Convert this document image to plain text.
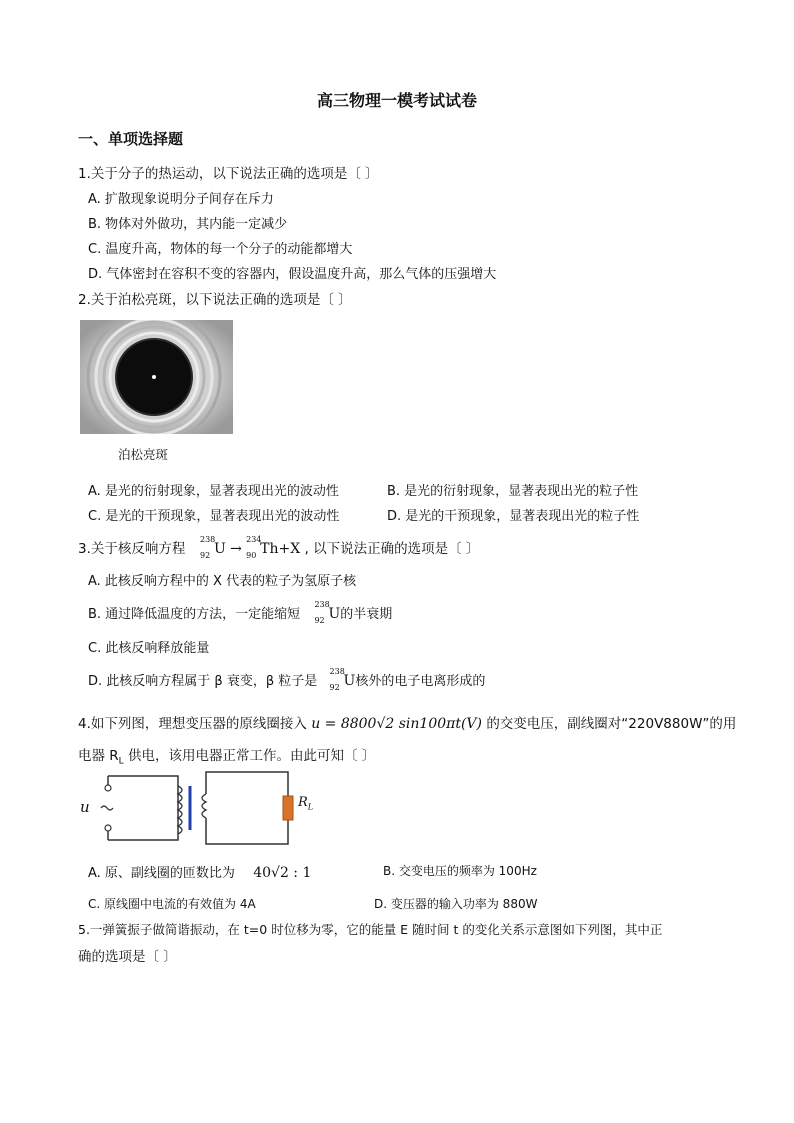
高三物理一模考试试卷
一、单项选择题
1.关于分子的热运动，以下说法正确的选项是〔 〕
A. 扩散现象说明分子间存在斥力
B. 物体对外做功，其内能一定减少
C. 温度升高，物体的每一个分子的动能都增大
D. 气体密封在容积不变的容器内，假设温度升高，那么气体的压强增大
2.关于泊松亮斑，以下说法正确的选项是〔 〕
泊松亮斑
A. 是光的衍射现象，显著表现出光的波动性	B. 是光的衍射现象，显著表现出光的粒子性
C. 是光的干预现象，显著表现出光的波动性	D. 是光的干预现象，显著表现出光的粒子性
3.关于核反响方程
238
92 U →
234
90 Th+X , 以下说法正确的选项是〔 〕
A. 此核反响方程中的 X 代表的粒子为氢原子核
B. 通过降低温度的方法，一定能缩短
238
92 U的半衰期
C. 此核反响释放能量
D. 此核反响方程属于 β 衰变，β 粒子是
238
92 U核外的电子电离形成的
4.如下列图，理想变压器的原线圈接入 u = 8800√2 sin100πt(V) 的交变电压，副线圈对“220V880W”的用
电器 $R_L$ 供电，该用电器正常工作。由此可知〔 〕
u	$R_L$
A. 原、副线圈的匝数比为 40√2 : 1	B. 交变电压的频率为 100Hz
C. 原线圈中电流的有效值为 4A	D. 变压器的输入功率为 880W
5.一弹簧振子做简谐振动，在 t=0 时位移为零，它的能量 E 随时间 t 的变化关系示意图如下列图，其中正
确的选项是〔 〕
